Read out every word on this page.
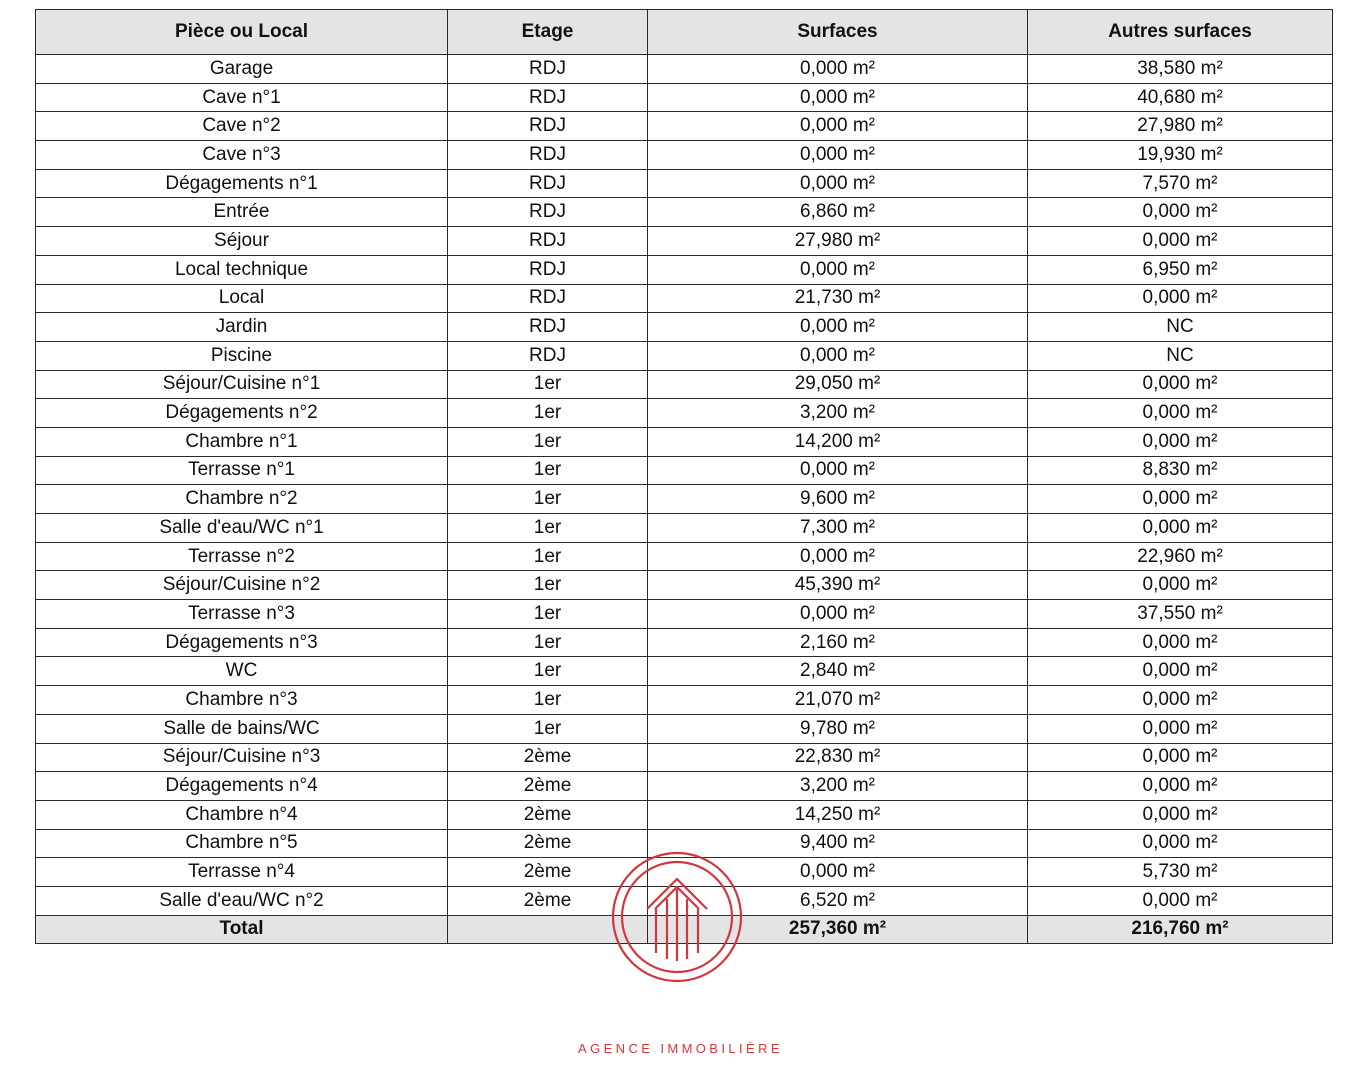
Pièce ou Local	Etage	Surfaces	Autres surfaces
Garage	RDJ	0,000 m²	38,580 m²
Cave n°1	RDJ	0,000 m²	40,680 m²
Cave n°2	RDJ	0,000 m²	27,980 m²
Cave n°3	RDJ	0,000 m²	19,930 m²
Dégagements n°1	RDJ	0,000 m²	7,570 m²
Entrée	RDJ	6,860 m²	0,000 m²
Séjour	RDJ	27,980 m²	0,000 m²
Local technique	RDJ	0,000 m²	6,950 m²
Local	RDJ	21,730 m²	0,000 m²
Jardin	RDJ	0,000 m²	NC
Piscine	RDJ	0,000 m²	NC
Séjour/Cuisine n°1	1er	29,050 m²	0,000 m²
Dégagements n°2	1er	3,200 m²	0,000 m²
Chambre n°1	1er	14,200 m²	0,000 m²
Terrasse n°1	1er	0,000 m²	8,830 m²
Chambre n°2	1er	9,600 m²	0,000 m²
Salle d'eau/WC n°1	1er	7,300 m²	0,000 m²
Terrasse n°2	1er	0,000 m²	22,960 m²
Séjour/Cuisine n°2	1er	45,390 m²	0,000 m²
Terrasse n°3	1er	0,000 m²	37,550 m²
Dégagements n°3	1er	2,160 m²	0,000 m²
WC	1er	2,840 m²	0,000 m²
Chambre n°3	1er	21,070 m²	0,000 m²
Salle de bains/WC	1er	9,780 m²	0,000 m²
Séjour/Cuisine n°3	2ème	22,830 m²	0,000 m²
Dégagements n°4	2ème	3,200 m²	0,000 m²
Chambre n°4	2ème	14,250 m²	0,000 m²
Chambre n°5	2ème	9,400 m²	0,000 m²
Terrasse n°4	2ème	0,000 m²	5,730 m²
Salle d'eau/WC n°2	2ème	6,520 m²	0,000 m²
Total		257,360 m²	216,760 m²
AGENCE IMMOBILIÈRE
